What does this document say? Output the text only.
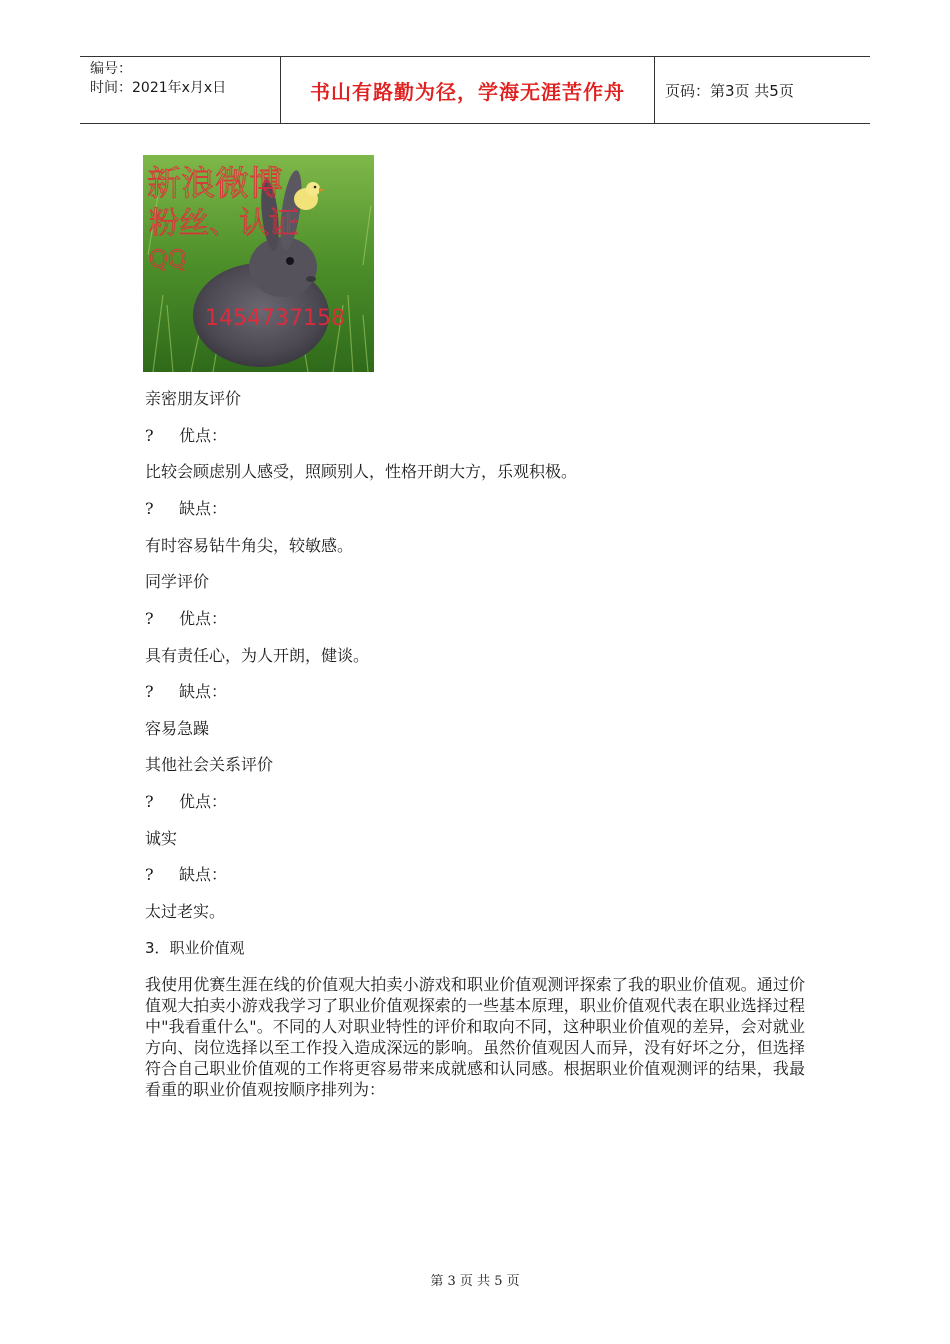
编号：
时间：2021年x月x日	书山有路勤为径，学海无涯苦作舟	页码：第3页 共5页
新浪微博
粉丝、认证
QQ
1454737158
亲密朋友评价
? 优点：
比较会顾虑别人感受，照顾别人，性格开朗大方，乐观积极。
? 缺点：
有时容易钻牛角尖，较敏感。
同学评价
? 优点：
具有责任心，为人开朗，健谈。
? 缺点：
容易急躁
其他社会关系评价
? 优点：
诚实
? 缺点：
太过老实。
3．职业价值观

我使用优赛生涯在线的价值观大拍卖小游戏和职业价值观测评探索了我的职业价值观。通过价值观大拍卖小游戏我学习了职业价值观探索的一些基本原理，职业价值观代表在职业选择过程中"我看重什么"。不同的人对职业特性的评价和取向不同，这种职业价值观的差异，会对就业方向、岗位选择以至工作投入造成深远的影响。虽然价值观因人而异，没有好坏之分，但选择符合自己职业价值观的工作将更容易带来成就感和认同感。根据职业价值观测评的结果，我最看重的职业价值观按顺序排列为：

第 3 页 共 5 页
